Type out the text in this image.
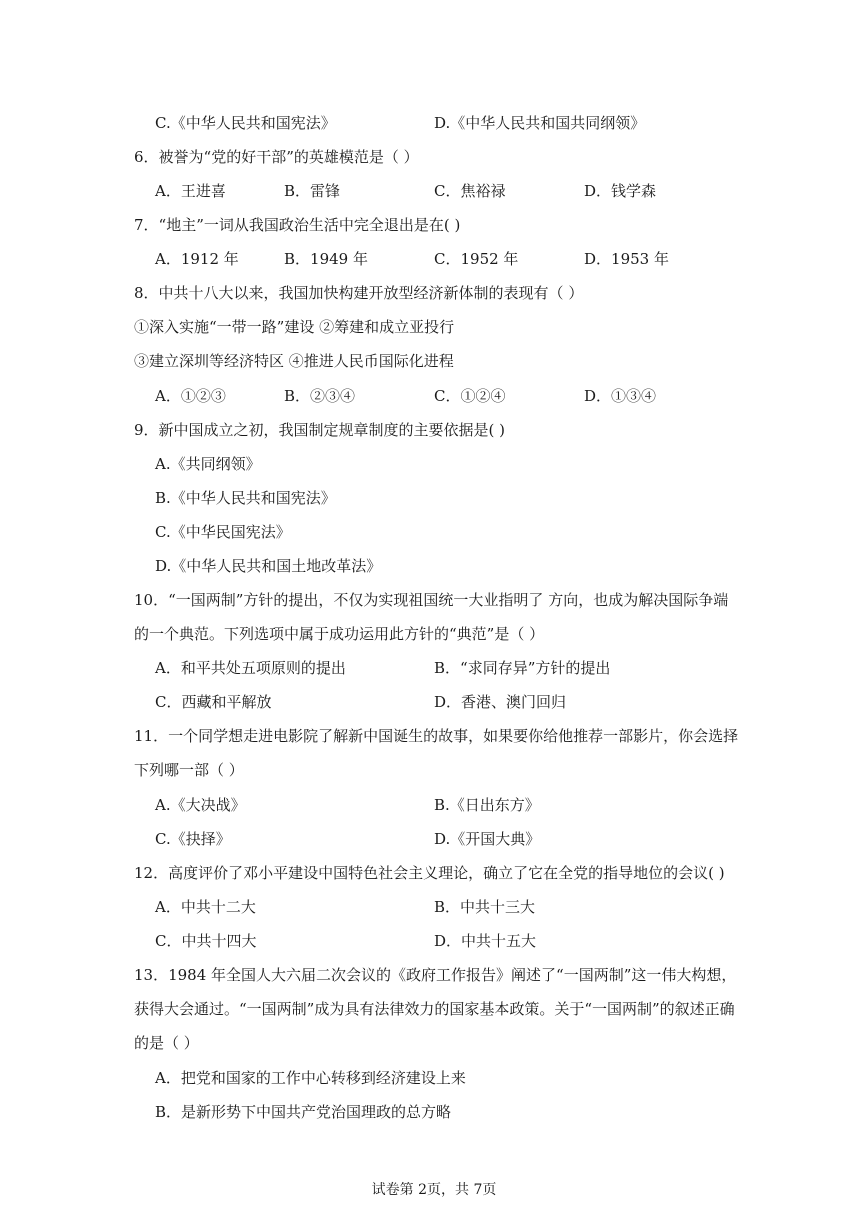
C.《中华人民共和国宪法》	D.《中华人民共和国共同纲领》
6．被誉为“党的好干部”的英雄模范是（ ）
A．王进喜	B．雷锋	C．焦裕禄	D．钱学森
7．“地主”一词从我国政治生活中完全退出是在( )
A．1912 年	B．1949 年	C．1952 年	D．1953 年
8．中共十八大以来，我国加快构建开放型经济新体制的表现有（ ）
①深入实施“一带一路”建设 ②筹建和成立亚投行
③建立深圳等经济特区 ④推进人民币国际化进程
A．①②③	B．②③④	C．①②④	D．①③④
9．新中国成立之初，我国制定规章制度的主要依据是( )
A.《共同纲领》
B.《中华人民共和国宪法》
C.《中华民国宪法》
D.《中华人民共和国土地改革法》
10．“一国两制”方针的提出，不仅为实现祖国统一大业指明了 方向，也成为解决国际争端
的一个典范。下列选项中属于成功运用此方针的“典范”是（ ）
A．和平共处五项原则的提出	B．“求同存异”方针的提出
C．西藏和平解放	D．香港、澳门回归
11．一个同学想走进电影院了解新中国诞生的故事，如果要你给他推荐一部影片，你会选择
下列哪一部（ ）
A.《大决战》	B.《日出东方》
C.《抉择》	D.《开国大典》
12．高度评价了邓小平建设中国特色社会主义理论，确立了它在全党的指导地位的会议( )
A．中共十二大	B．中共十三大
C．中共十四大	D．中共十五大
13．1984 年全国人大六届二次会议的《政府工作报告》阐述了“一国两制”这一伟大构想，
获得大会通过。“一国两制”成为具有法律效力的国家基本政策。关于“一国两制”的叙述正确
的是（ ）
A．把党和国家的工作中心转移到经济建设上来
B．是新形势下中国共产党治国理政的总方略
试卷第 2页，共 7页
